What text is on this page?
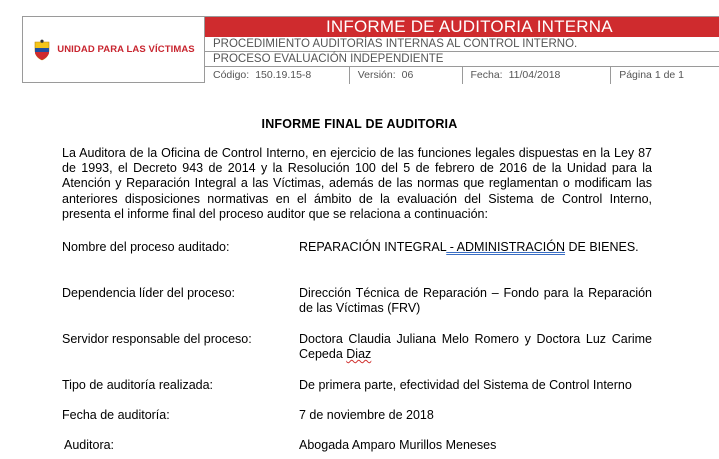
UNIDAD PARA LAS VÍCTIMAS
INFORME DE AUDITORIA INTERNA
PROCEDIMIENTO AUDITORÍAS INTERNAS AL CONTROL INTERNO.
PROCESO EVALUACIÓN INDEPENDIENTE
Código: 150.19.15-8	Versión: 06	Fecha: 11/04/2018	Página 1 de 1
INFORME FINAL DE AUDITORIA
La Auditora de la Oficina de Control Interno, en ejercicio de las funciones legales dispuestas en la Ley 87 de 1993, el Decreto 943 de 2014 y la Resolución 100 del 5 de febrero de 2016 de la Unidad para la Atención y Reparación Integral a las Víctimas, además de las normas que reglamentan o modificam las anteriores disposiciones normativas en el ámbito de la evaluación del Sistema de Control Interno, presenta el informe final del proceso auditor que se relaciona a continuación:
Nombre del proceso auditado:	REPARACIÓN INTEGRAL - ADMINISTRACIÓN DE BIENES.
Dependencia líder del proceso:	Dirección Técnica de Reparación – Fondo para la Reparación de las Víctimas (FRV)
Servidor responsable del proceso:	Doctora Claudia Juliana Melo Romero y Doctora Luz Carime Cepeda Diaz
Tipo de auditoría realizada:	De primera parte, efectividad del Sistema de Control Interno
Fecha de auditoría:	7 de noviembre de 2018
Auditora:	Abogada Amparo Murillos Meneses
